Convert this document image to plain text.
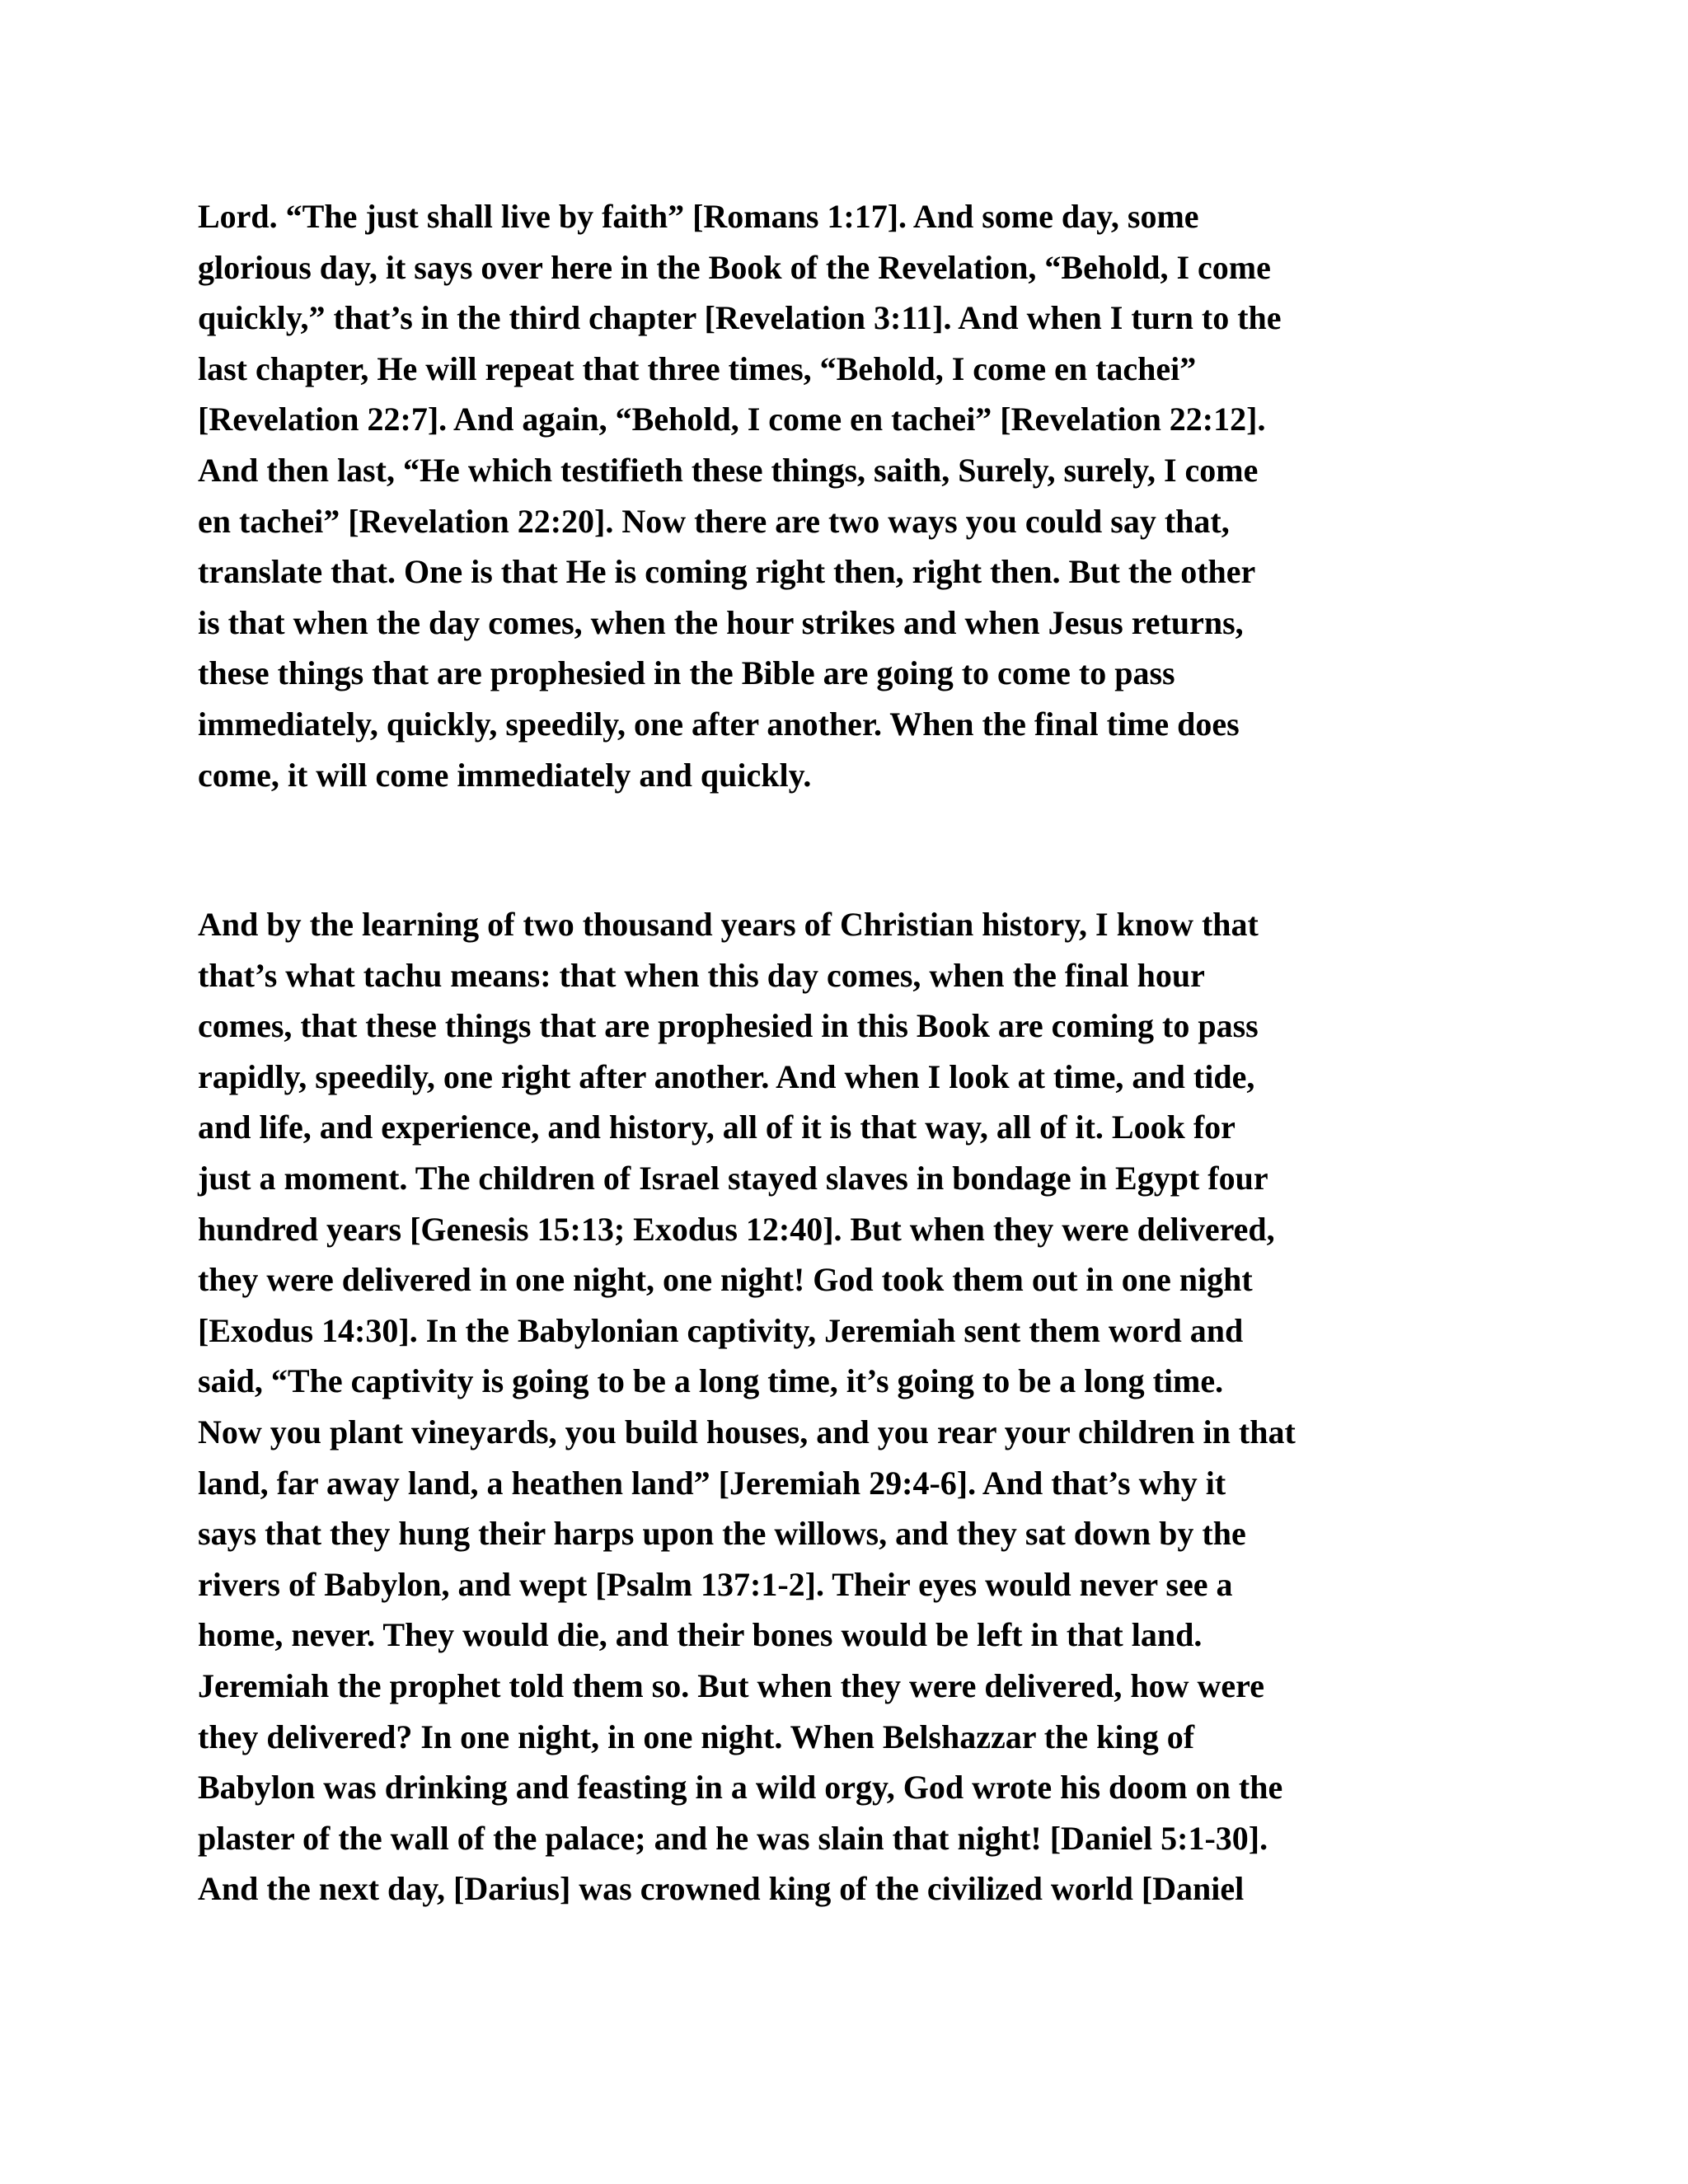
Lord. “The just shall live by faith” [Romans 1:17]. And some day, some
glorious day, it says over here in the Book of the Revelation, “Behold, I come
quickly,” that’s in the third chapter [Revelation 3:11]. And when I turn to the
last chapter, He will repeat that three times, “Behold, I come en tachei”
[Revelation 22:7]. And again, “Behold, I come en tachei” [Revelation 22:12].
And then last, “He which testifieth these things, saith, Surely, surely, I come
en tachei” [Revelation 22:20]. Now there are two ways you could say that,
translate that. One is that He is coming right then, right then. But the other
is that when the day comes, when the hour strikes and when Jesus returns,
these things that are prophesied in the Bible are going to come to pass
immediately, quickly, speedily, one after another. When the final time does
come, it will come immediately and quickly.
And by the learning of two thousand years of Christian history, I know that
that’s what tachu means: that when this day comes, when the final hour
comes, that these things that are prophesied in this Book are coming to pass
rapidly, speedily, one right after another. And when I look at time, and tide,
and life, and experience, and history, all of it is that way, all of it. Look for
just a moment. The children of Israel stayed slaves in bondage in Egypt four
hundred years [Genesis 15:13; Exodus 12:40]. But when they were delivered,
they were delivered in one night, one night! God took them out in one night
[Exodus 14:30]. In the Babylonian captivity, Jeremiah sent them word and
said, “The captivity is going to be a long time, it’s going to be a long time.
Now you plant vineyards, you build houses, and you rear your children in that
land, far away land, a heathen land” [Jeremiah 29:4-6]. And that’s why it
says that they hung their harps upon the willows, and they sat down by the
rivers of Babylon, and wept [Psalm 137:1-2]. Their eyes would never see a
home, never. They would die, and their bones would be left in that land.
Jeremiah the prophet told them so. But when they were delivered, how were
they delivered? In one night, in one night. When Belshazzar the king of
Babylon was drinking and feasting in a wild orgy, God wrote his doom on the
plaster of the wall of the palace; and he was slain that night! [Daniel 5:1-30].
And the next day, [Darius] was crowned king of the civilized world [Daniel
